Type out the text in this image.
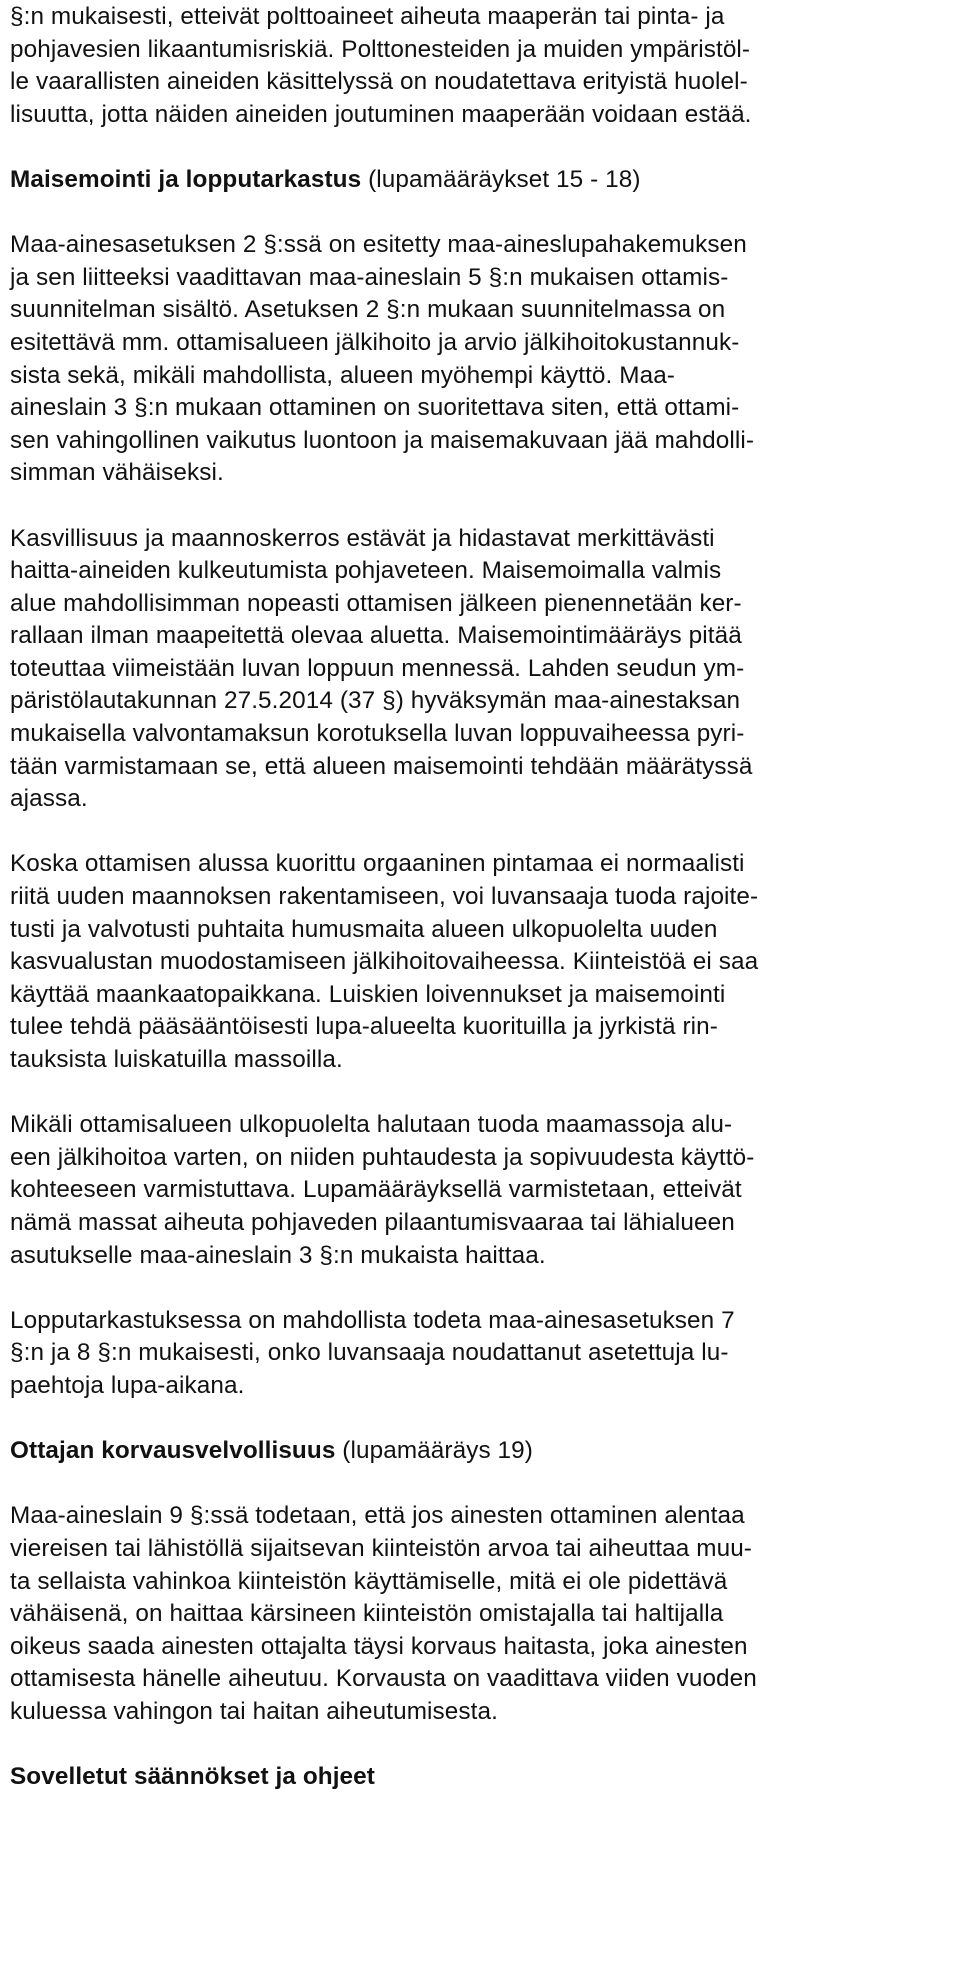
§:n mukaisesti, etteivät polttoaineet aiheuta maaperän tai pinta- ja
pohjavesien likaantumisriskiä. Polttonesteiden ja muiden ympäristöl-
le vaarallisten aineiden käsittelyssä on noudatettava erityistä huolel-
lisuutta, jotta näiden aineiden joutuminen maaperään voidaan estää.
Maisemointi ja lopputarkastus (lupamääräykset 15 - 18)
Maa-ainesasetuksen 2 §:ssä on esitetty maa-aineslupahakemuksen
ja sen liitteeksi vaadittavan maa-aineslain 5 §:n mukaisen ottamis-
suunnitelman sisältö. Asetuksen 2 §:n mukaan suunnitelmassa on
esitettävä mm. ottamisalueen jälkihoito ja arvio jälkihoitokustannuk-
sista sekä, mikäli mahdollista, alueen myöhempi käyttö. Maa-
aineslain 3 §:n mukaan ottaminen on suoritettava siten, että ottami-
sen vahingollinen vaikutus luontoon ja maisemakuvaan jää mahdolli-
simman vähäiseksi.
Kasvillisuus ja maannoskerros estävät ja hidastavat merkittävästi
haitta-aineiden kulkeutumista pohjaveteen. Maisemoimalla valmis
alue mahdollisimman nopeasti ottamisen jälkeen pienennetään ker-
rallaan ilman maapeitettä olevaa aluetta. Maisemointimääräys pitää
toteuttaa viimeistään luvan loppuun mennessä. Lahden seudun ym-
päristölautakunnan 27.5.2014 (37 §) hyväksymän maa-ainestaksan
mukaisella valvontamaksun korotuksella luvan loppuvaiheessa pyri-
tään varmistamaan se, että alueen maisemointi tehdään määrätyssä
ajassa.
Koska ottamisen alussa kuorittu orgaaninen pintamaa ei normaalisti
riitä uuden maannoksen rakentamiseen, voi luvansaaja tuoda rajoite-
tusti ja valvotusti puhtaita humusmaita alueen ulkopuolelta uuden
kasvualustan muodostamiseen jälkihoitovaiheessa. Kiinteistöä ei saa
käyttää maankaatopaikkana. Luiskien loivennukset ja maisemointi
tulee tehdä pääsääntöisesti lupa-alueelta kuorituilla ja jyrkistä rin-
tauksista luiskatuilla massoilla.
Mikäli ottamisalueen ulkopuolelta halutaan tuoda maamassoja alu-
een jälkihoitoa varten, on niiden puhtaudesta ja sopivuudesta käyttö-
kohteeseen varmistuttava. Lupamääräyksellä varmistetaan, etteivät
nämä massat aiheuta pohjaveden pilaantumisvaaraa tai lähialueen
asutukselle maa-aineslain 3 §:n mukaista haittaa.
Lopputarkastuksessa on mahdollista todeta maa-ainesasetuksen 7
§:n ja 8 §:n mukaisesti, onko luvansaaja noudattanut asetettuja lu-
paehtoja lupa-aikana.
Ottajan korvausvelvollisuus (lupamääräys 19)
Maa-aineslain 9 §:ssä todetaan, että jos ainesten ottaminen alentaa
viereisen tai lähistöllä sijaitsevan kiinteistön arvoa tai aiheuttaa muu-
ta sellaista vahinkoa kiinteistön käyttämiselle, mitä ei ole pidettävä
vähäisenä, on haittaa kärsineen kiinteistön omistajalla tai haltijalla
oikeus saada ainesten ottajalta täysi korvaus haitasta, joka ainesten
ottamisesta hänelle aiheutuu. Korvausta on vaadittava viiden vuoden
kuluessa vahingon tai haitan aiheutumisesta.
Sovelletut säännökset ja ohjeet
